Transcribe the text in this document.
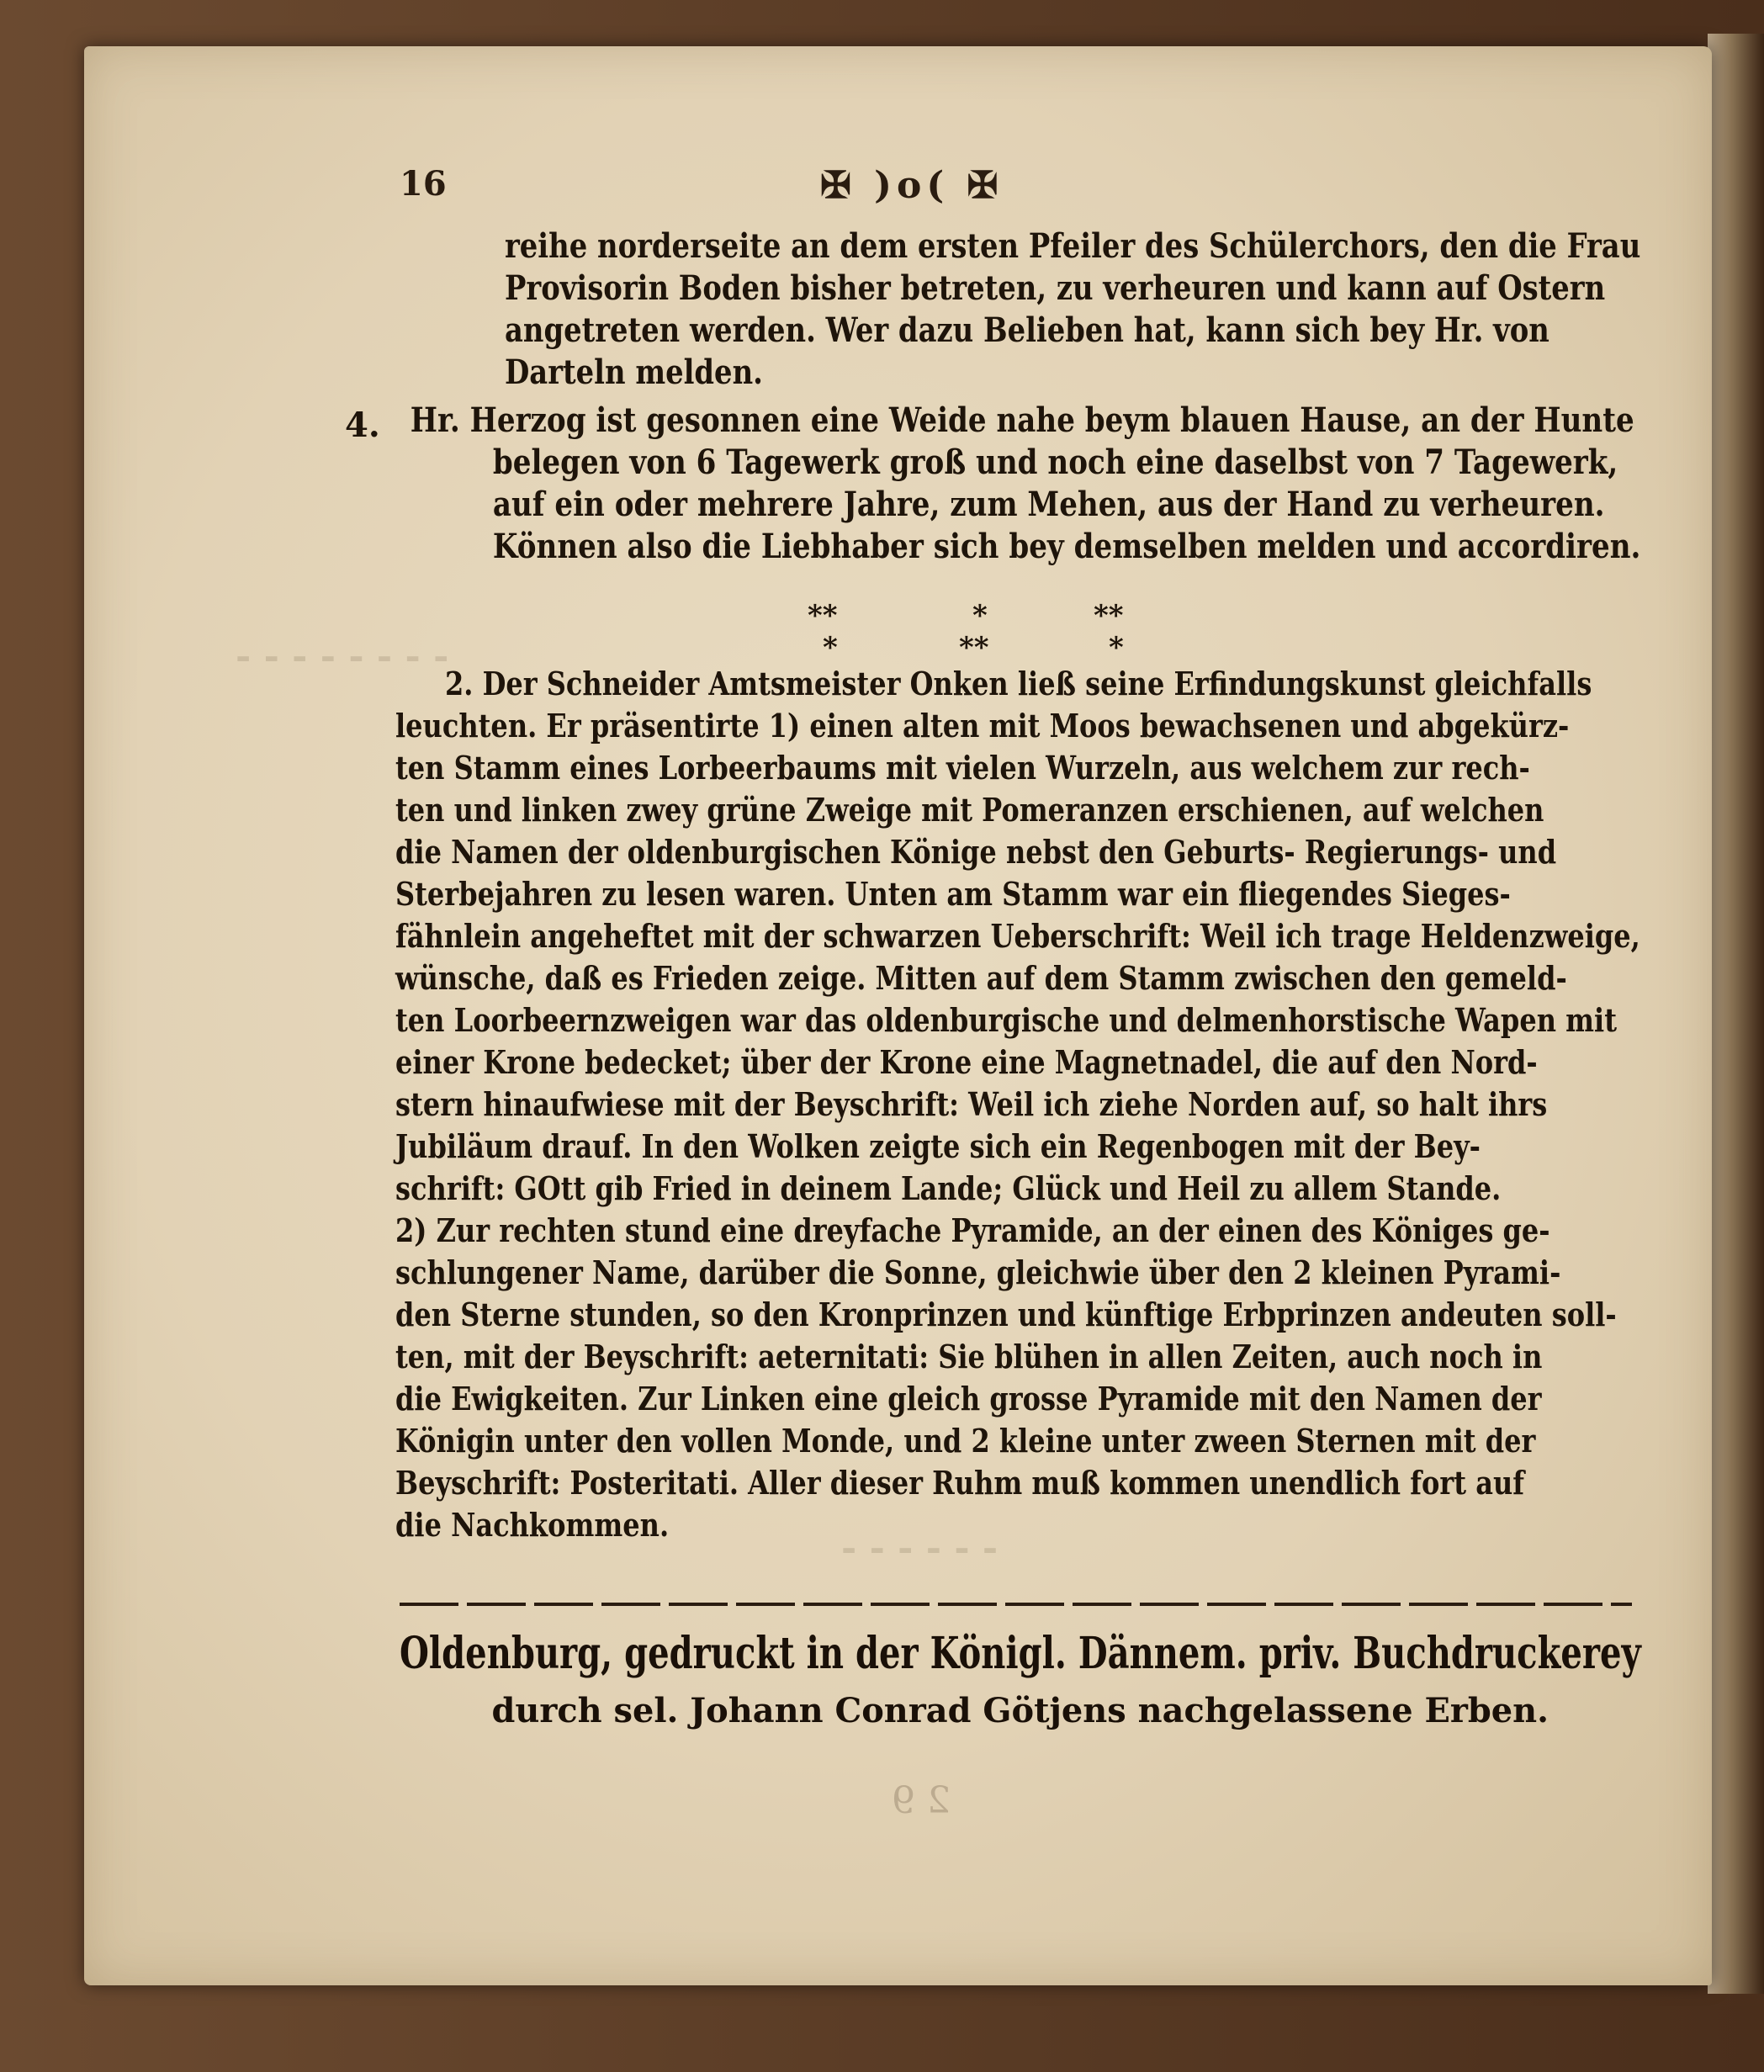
- - - - - - - -
- - - - - -
16	✠ )o( ✠
reihe norderseite an dem ersten Pfeiler des Schülerchors, den die Frau
Provisorin Boden bisher betreten, zu verheuren und kann auf Ostern
angetreten werden. Wer dazu Belieben hat, kann sich bey Hr. von
Darteln melden.
4. Hr. Herzog ist gesonnen eine Weide nahe beym blauen Hause, an der Hunte
belegen von 6 Tagewerk groß und noch eine daselbst von 7 Tagewerk,
auf ein oder mehrere Jahre, zum Mehen, aus der Hand zu verheuren.
Können also die Liebhaber sich bey demselben melden und accordiren.
**
*	**
*	**
*
2. Der Schneider Amtsmeister Onken ließ seine Erfindungskunst gleichfalls
leuchten. Er präsentirte 1) einen alten mit Moos bewachsenen und abgekürz-
ten Stamm eines Lorbeerbaums mit vielen Wurzeln, aus welchem zur rech-
ten und linken zwey grüne Zweige mit Pomeranzen erschienen, auf welchen
die Namen der oldenburgischen Könige nebst den Geburts- Regierungs- und
Sterbejahren zu lesen waren. Unten am Stamm war ein fliegendes Sieges-
fähnlein angeheftet mit der schwarzen Ueberschrift: Weil ich trage Heldenzweige,
wünsche, daß es Frieden zeige. Mitten auf dem Stamm zwischen den gemeld-
ten Loorbeernzweigen war das oldenburgische und delmenhorstische Wapen mit
einer Krone bedecket; über der Krone eine Magnetnadel, die auf den Nord-
stern hinaufwiese mit der Beyschrift: Weil ich ziehe Norden auf, so halt ihrs
Jubiläum drauf. In den Wolken zeigte sich ein Regenbogen mit der Bey-
schrift: GOtt gib Fried in deinem Lande; Glück und Heil zu allem Stande.
2) Zur rechten stund eine dreyfache Pyramide, an der einen des Königes ge-
schlungener Name, darüber die Sonne, gleichwie über den 2 kleinen Pyrami-
den Sterne stunden, so den Kronprinzen und künftige Erbprinzen andeuten soll-
ten, mit der Beyschrift: aeternitati: Sie blühen in allen Zeiten, auch noch in
die Ewigkeiten. Zur Linken eine gleich grosse Pyramide mit den Namen der
Königin unter den vollen Monde, und 2 kleine unter zween Sternen mit der
Beyschrift: Posteritati. Aller dieser Ruhm muß kommen unendlich fort auf
die Nachkommen.
Oldenburg, gedruckt in der Königl. Dännem. priv. Buchdruckerey
durch sel. Johann Conrad Götjens nachgelassene Erben.
2 9
